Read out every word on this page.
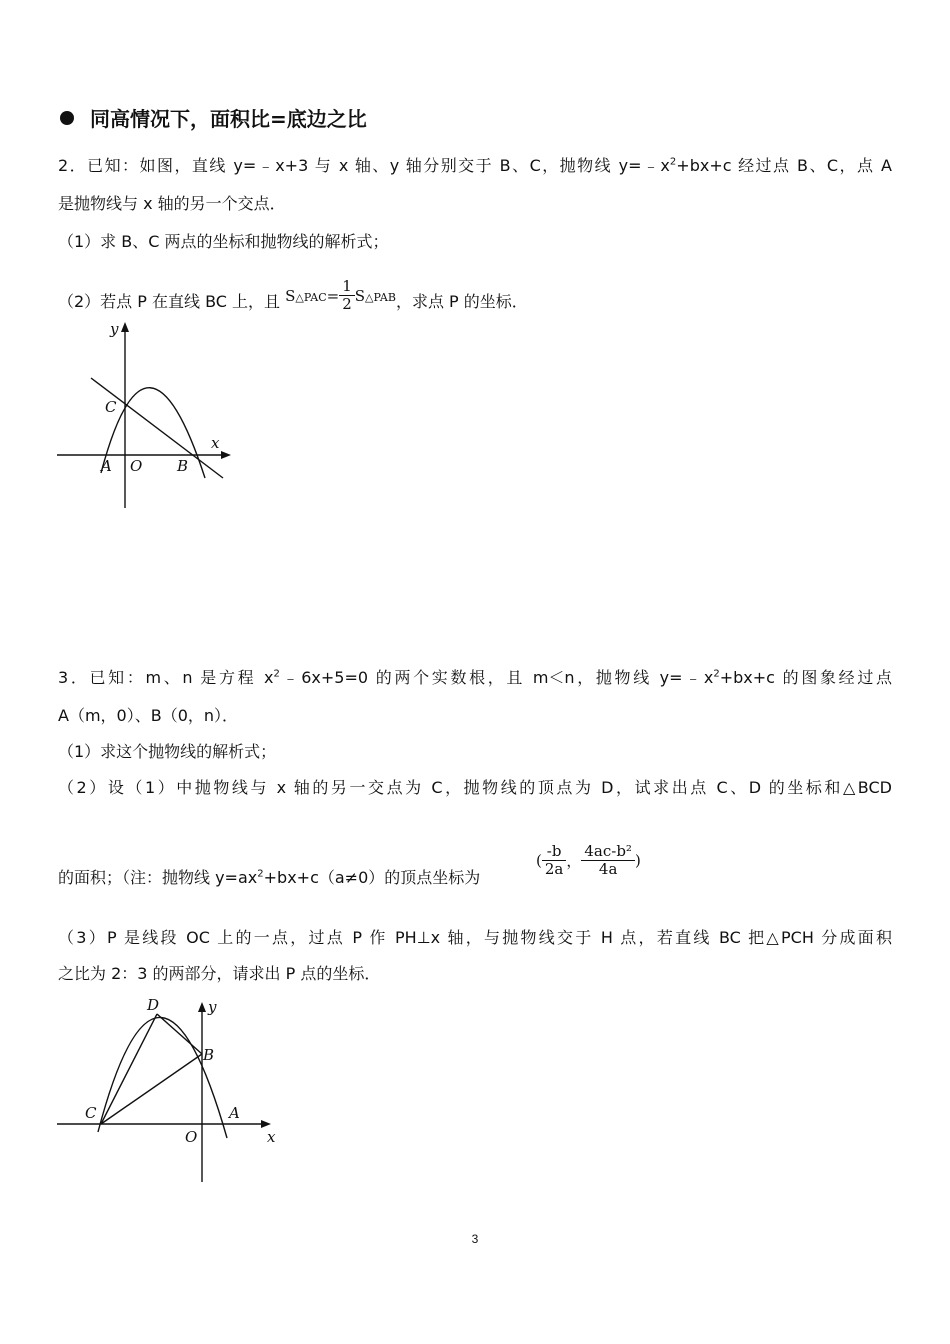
同高情况下，面积比=底边之比
2．已知：如图，直线 y=﹣x+3 与 x 轴、y 轴分别交于 B、C，抛物线 $y=﹣x^2+bx+c$ 经过点 B、C，点 A
是抛物线与 x 轴的另一个交点．
（1）求 B、C 两点的坐标和抛物线的解析式；
（2）若点 P 在直线 BC 上，且 S△PAC= $\frac{1}{2}$ S△PAB，求点 P 的坐标．
y
x
C
A O B
3．已知：m、n 是方程 $x^2﹣6x+5=0$ 的两个实数根，且 m＜n，抛物线 $y=﹣x^2+bx+c$ 的图象经过点
A（m，0）、B（0，n）．
（1）求这个抛物线的解析式；
（2）设（1）中抛物线与 x 轴的另一交点为 C，抛物线的顶点为 D，试求出点 C、D 的坐标和△BCD
的面积；（注：抛物线 $y=ax^2+bx+c(a\ne 0)$的顶点坐标为
( $\frac{-b}{2a}$ ， $\frac{\text{4ac-b²}}{4a}$ )
（3）P 是线段 OC 上的一点，过点 P 作 PH⊥x 轴，与抛物线交于 H 点，若直线 BC 把△PCH 分成面积
之比为 2：3 的两部分，请求出 P 点的坐标．
D	y
B
C	A
O	x
3
